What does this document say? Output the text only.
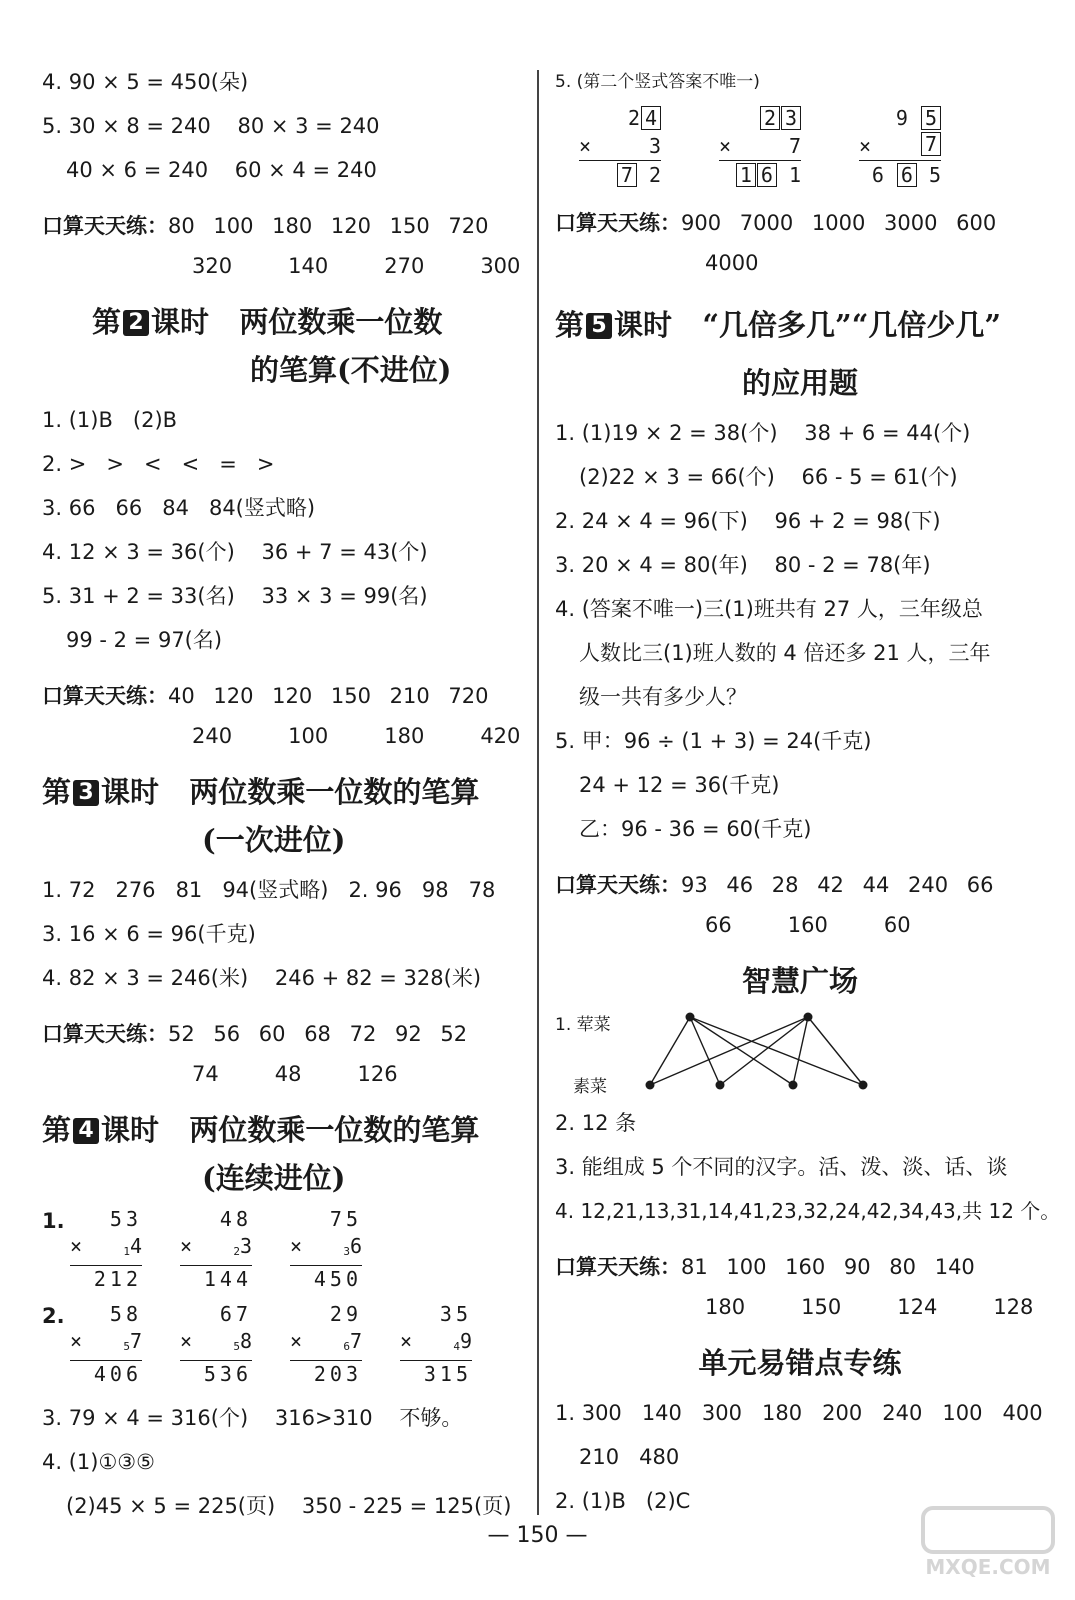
4. 90 × 5 = 450(朵)
5. 30 × 8 = 240    80 × 3 = 240
40 × 6 = 240    60 × 4 = 240
口算天天练：80 100 180 120 150 720
320   140   270   300
第 2 课时 两位数乘一位数
的笔算(不进位)
1. (1)B   (2)B
2. >   >   <   <   =   >
3. 66   66   84   84(竖式略)
4. 12 × 3 = 36(个)    36 + 7 = 43(个)
5. 31 + 2 = 33(名)    33 × 3 = 99(名)
99 - 2 = 97(名)
口算天天练：40 120 120 150 210 720
240   100   180   420
第 3 课时 两位数乘一位数的笔算
(一次进位)
1. 72   276   81   94(竖式略)   2. 96   98   78
3. 16 × 6 = 96(千克)
4. 82 × 3 = 246(米)    246 + 82 = 328(米)
口算天天练：52 56 60 68 72 92 52
74   48   126
第 4 课时 两位数乘一位数的笔算
(连续进位)
1.	53
×	14
212
48
×	23
144
75
×	36
450
2.	58
×	57
406
67
×	58
536
29
×	67
203
35
×	49
315
3. 79 × 4 = 316(个)    316>310    不够。
4. (1)①③⑤
(2)45 × 5 = 225(页)    350 - 225 = 125(页)
5. (第二个竖式答案不唯一)
2 4
×	3
7 2
2 3
×	7
1 6 1
9 5
×	7
6 6 5
口算天天练：900 7000 1000 3000 600
4000
第 5 课时 “几倍多几”“几倍少几”
的应用题
1. (1)19 × 2 = 38(个)    38 + 6 = 44(个)
(2)22 × 3 = 66(个)    66 - 5 = 61(个)
2. 24 × 4 = 96(下)    96 + 2 = 98(下)
3. 20 × 4 = 80(年)    80 - 2 = 78(年)
4. (答案不唯一)三(1)班共有 27 人，三年级总
人数比三(1)班人数的 4 倍还多 21 人，三年
级一共有多少人？
5. 甲：96 ÷ (1 + 3) = 24(千克)
24 + 12 = 36(千克)
乙：96 - 36 = 60(千克)
口算天天练：93 46 28 42 44 240 66
66   160   60
智慧广场
1. 荤菜
素菜
2. 12 条
3. 能组成 5 个不同的汉字。活、泼、淡、话、谈
4. 12,21,13,31,14,41,23,32,24,42,34,43,共 12 个。
口算天天练：81 100 160 90 80 140
180   150   124   128
单元易错点专练
1. 300   140   300   180   200   240   100   400
210   480
2. (1)B   (2)C
— 150 —
MXQE.COM
